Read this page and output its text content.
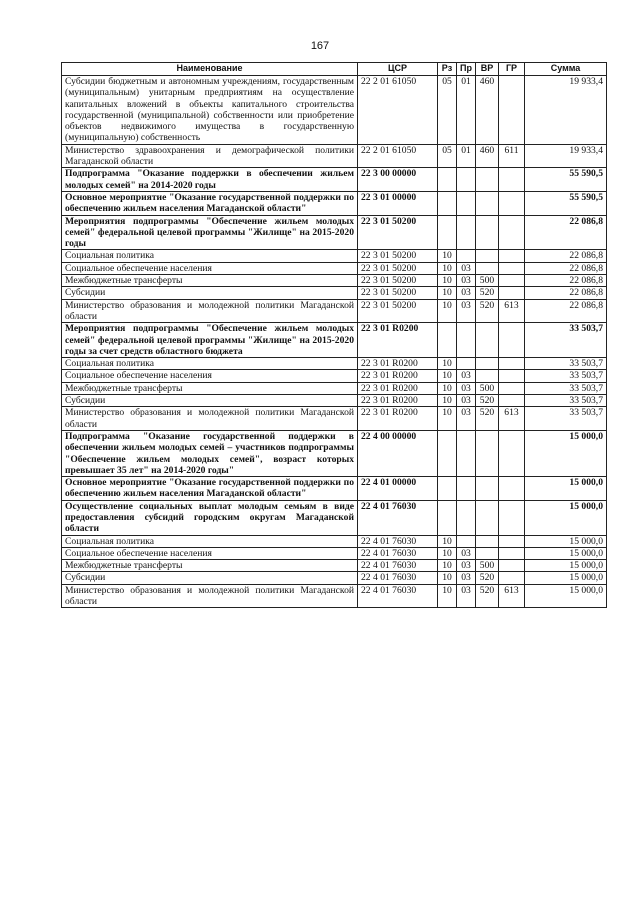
167
Наименование	ЦСР	Рз	Пр	ВР	ГР	Сумма
Субсидии бюджетным и автономным учреждениям, государственным (муниципальным) унитарным предприятиям на осуществление капитальных вложений в объекты капитального строительства государственной (муниципальной) собственности или приобретение объектов недвижимого имущества в государственную (муниципальную) собственность	22 2 01 61050	05	01	460		19 933,4
Министерство здравоохранения и демографической политики Магаданской области	22 2 01 61050	05	01	460	611	19 933,4
Подпрограмма "Оказание поддержки в обеспечении жильем молодых семей" на 2014-2020 годы	22 3 00 00000					55 590,5
Основное мероприятие "Оказание государственной поддержки по обеспечению жильем населения Магаданской области"	22 3 01 00000					55 590,5
Мероприятия подпрограммы "Обеспечение жильем молодых семей" федеральной целевой программы "Жилище" на 2015-2020 годы	22 3 01 50200					22 086,8
Социальная политика	22 3 01 50200	10				22 086,8
Социальное обеспечение населения	22 3 01 50200	10	03			22 086,8
Межбюджетные трансферты	22 3 01 50200	10	03	500		22 086,8
Субсидии	22 3 01 50200	10	03	520		22 086,8
Министерство образования и молодежной политики Магаданской области	22 3 01 50200	10	03	520	613	22 086,8
Мероприятия подпрограммы "Обеспечение жильем молодых семей" федеральной целевой программы "Жилище" на 2015-2020 годы за счет средств областного бюджета	22 3 01 R0200					33 503,7
Социальная политика	22 3 01 R0200	10				33 503,7
Социальное обеспечение населения	22 3 01 R0200	10	03			33 503,7
Межбюджетные трансферты	22 3 01 R0200	10	03	500		33 503,7
Субсидии	22 3 01 R0200	10	03	520		33 503,7
Министерство образования и молодежной политики Магаданской области	22 3 01 R0200	10	03	520	613	33 503,7
Подпрограмма "Оказание государственной поддержки в обеспечении жильем молодых семей – участников подпрограммы "Обеспечение жильем молодых семей", возраст которых превышает 35 лет" на 2014-2020 годы"	22 4 00 00000					15 000,0
Основное мероприятие "Оказание государственной поддержки по обеспечению жильем населения Магаданской области"	22 4 01 00000					15 000,0
Осуществление социальных выплат молодым семьям в виде предоставления субсидий городским округам Магаданской области	22 4 01 76030					15 000,0
Социальная политика	22 4 01 76030	10				15 000,0
Социальное обеспечение населения	22 4 01 76030	10	03			15 000,0
Межбюджетные трансферты	22 4 01 76030	10	03	500		15 000,0
Субсидии	22 4 01 76030	10	03	520		15 000,0
Министерство образования и молодежной политики Магаданской области	22 4 01 76030	10	03	520	613	15 000,0
